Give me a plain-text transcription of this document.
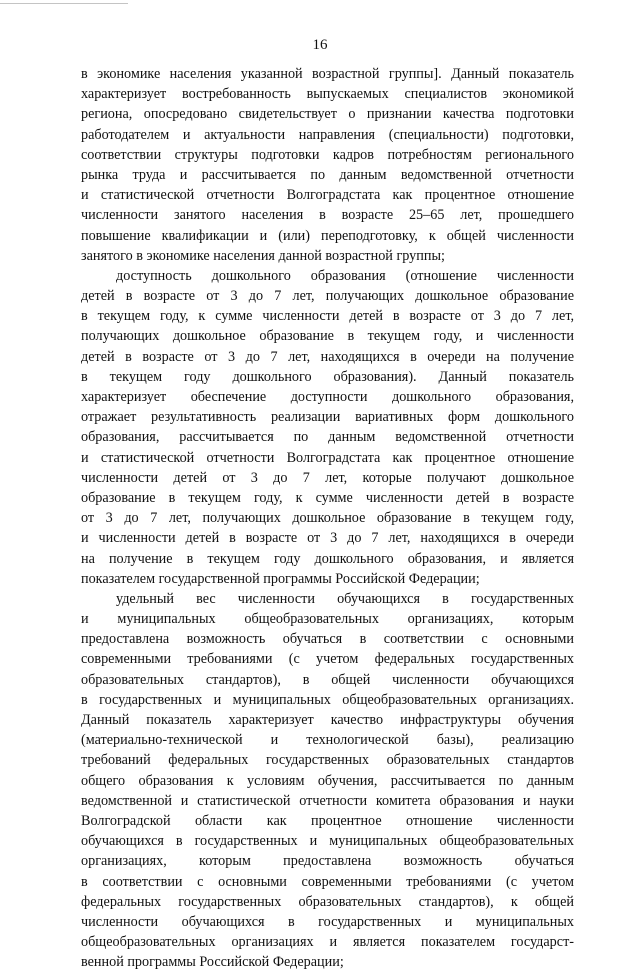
16
в экономике населения указанной возрастной группы]. Данный показатель
характеризует востребованность выпускаемых специалистов экономикой
региона, опосредовано свидетельствует о признании качества подготовки
работодателем и актуальности направления (специальности) подготовки,
соответствии структуры подготовки кадров потребностям регионального
рынка труда и рассчитывается по данным ведомственной отчетности
и статистической отчетности Волгоградстата как процентное отношение
численности занятого населения в возрасте 25–65 лет, прошедшего
повышение квалификации и (или) переподготовку, к общей численности
занятого в экономике населения данной возрастной группы;
доступность дошкольного образования (отношение численности
детей в возрасте от 3 до 7 лет, получающих дошкольное образование
в текущем году, к сумме численности детей в возрасте от 3 до 7 лет,
получающих дошкольное образование в текущем году, и численности
детей в возрасте от 3 до 7 лет, находящихся в очереди на получение
в текущем году дошкольного образования). Данный показатель
характеризует обеспечение доступности дошкольного образования,
отражает результативность реализации вариативных форм дошкольного
образования, рассчитывается по данным ведомственной отчетности
и статистической отчетности Волгоградстата как процентное отношение
численности детей от 3 до 7 лет, которые получают дошкольное
образование в текущем году, к сумме численности детей в возрасте
от 3 до 7 лет, получающих дошкольное образование в текущем году,
и численности детей в возрасте от 3 до 7 лет, находящихся в очереди
на получение в текущем году дошкольного образования, и является
показателем государственной программы Российской Федерации;
удельный вес численности обучающихся в государственных
и муниципальных общеобразовательных организациях, которым
предоставлена возможность обучаться в соответствии с основными
современными требованиями (с учетом федеральных государственных
образовательных стандартов), в общей численности обучающихся
в государственных и муниципальных общеобразовательных организациях.
Данный показатель характеризует качество инфраструктуры обучения
(материально-технической и технологической базы), реализацию
требований федеральных государственных образовательных стандартов
общего образования к условиям обучения, рассчитывается по данным
ведомственной и статистической отчетности комитета образования и науки
Волгоградской области как процентное отношение численности
обучающихся в государственных и муниципальных общеобразовательных
организациях, которым предоставлена возможность обучаться
в соответствии с основными современными требованиями (с учетом
федеральных государственных образовательных стандартов), к общей
численности обучающихся в государственных и муниципальных
общеобразовательных организациях и является показателем государст-
венной программы Российской Федерации;
